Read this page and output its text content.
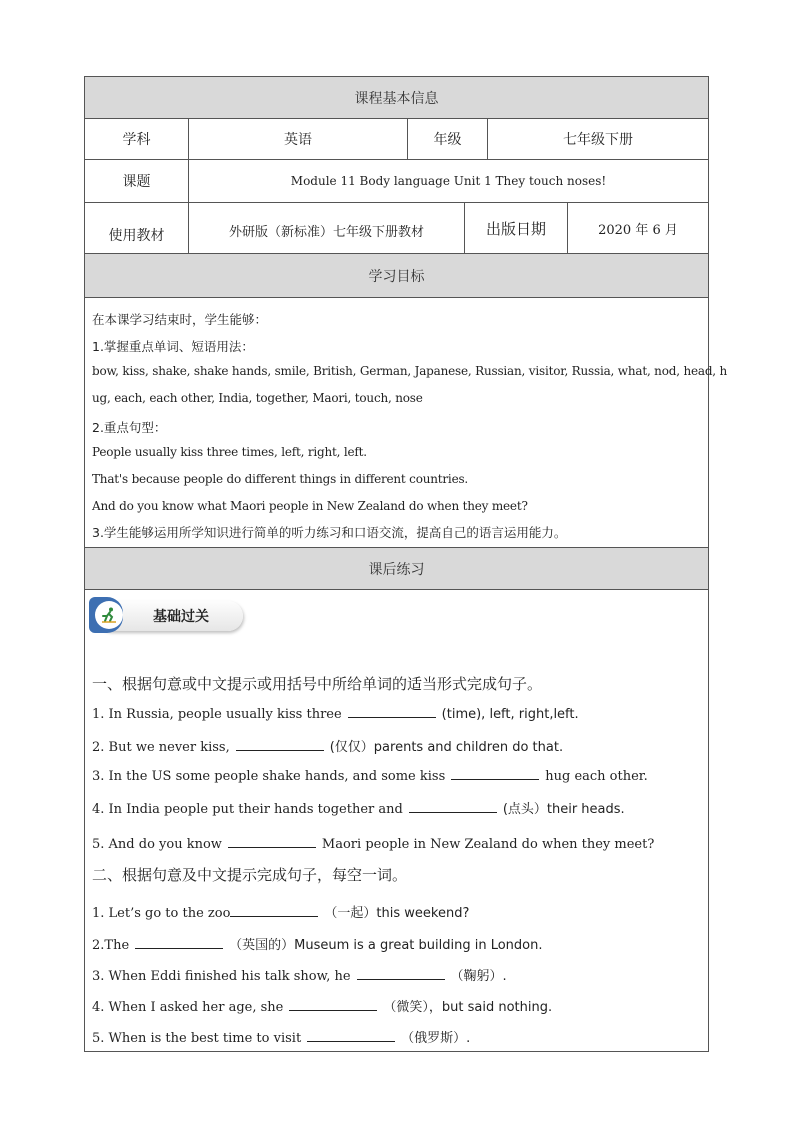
课程基本信息
学科	英语	年级	七年级下册
课题	Module 11 Body language Unit 1 They touch noses!
使用教材	外研版（新标准）七年级下册教材	出版日期	2020 年 6 月
学习目标
在本课学习结束时，学生能够：
1.掌握重点单词、短语用法：
bow, kiss, shake, shake hands, smile, British, German, Japanese, Russian, visitor, Russia, what, nod, head, h
ug, each, each other, India, together, Maori, touch, nose
2.重点句型：
People usually kiss three times, left, right, left.
That's because people do different things in different countries.
And do you know what Maori people in New Zealand do when they meet?
3.学生能够运用所学知识进行简单的听力练习和口语交流，提高自己的语言运用能力。
课后练习
基础过关
一、根据句意或中文提示或用括号中所给单词的适当形式完成句子。
1. In Russia, people usually kiss three	(time), left, right,left.
2. But we never kiss,	(仅仅）parents and children do that.
3. In the US some people shake hands, and some kiss	hug each other.
4. In India people put their hands together and	(点头）their heads.
5. And do you know	Maori people in New Zealand do when they meet?
二、根据句意及中文提示完成句子，每空一词。
1. Let’s go to the zoo	（一起）this weekend?
2.The	（英国的）Museum is a great building in London.
3. When Eddi finished his talk show, he	（鞠躬）.
4. When I asked her age, she	（微笑），but said nothing.
5. When is the best time to visit	（俄罗斯）.
